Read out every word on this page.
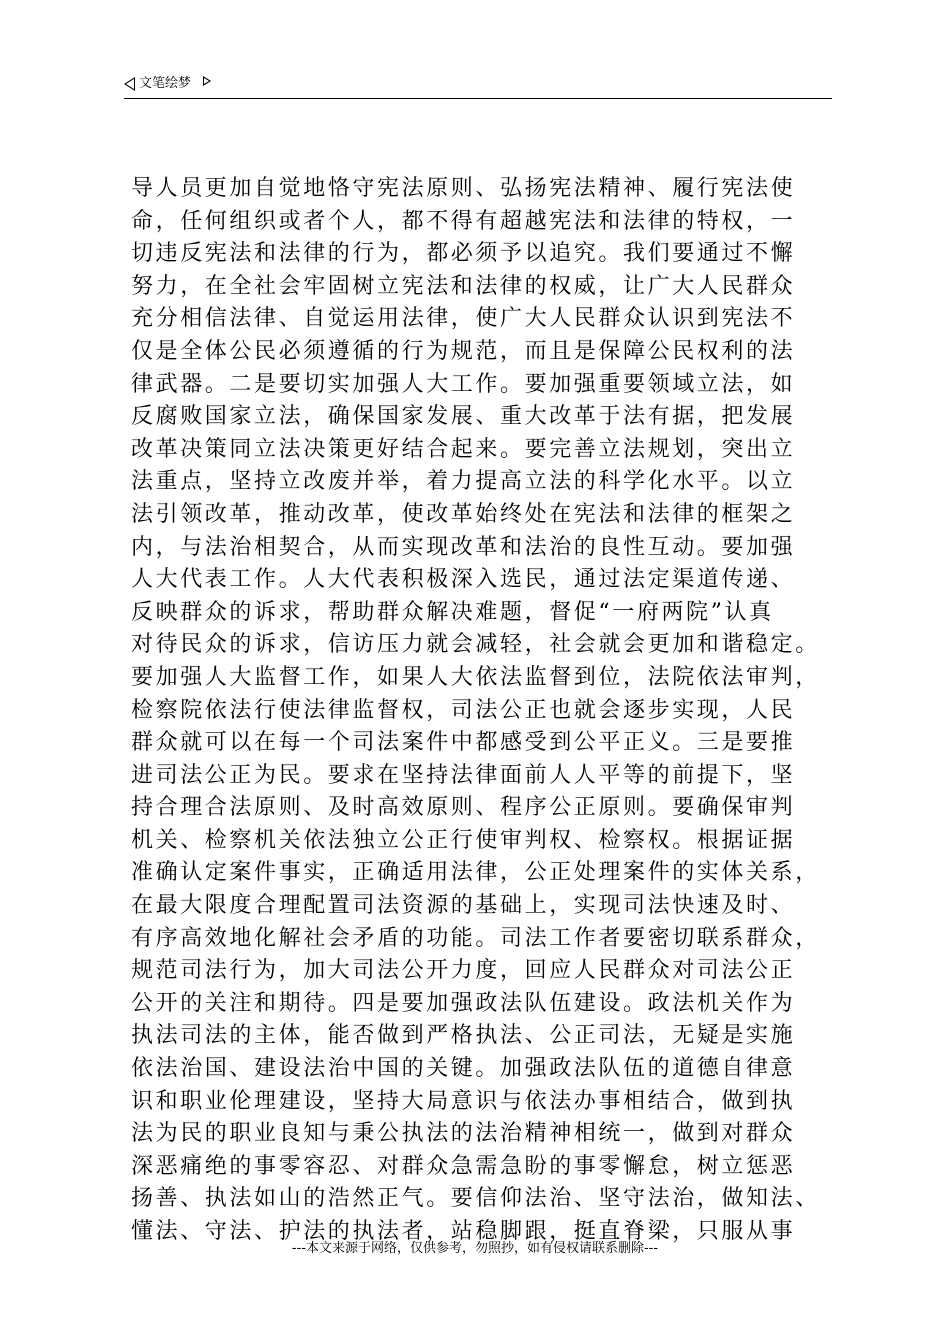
文笔绘梦
导人员更加自觉地恪守宪法原则、弘扬宪法精神、履行宪法使
命，任何组织或者个人，都不得有超越宪法和法律的特权，一
切违反宪法和法律的行为，都必须予以追究。我们要通过不懈
努力，在全社会牢固树立宪法和法律的权威，让广大人民群众
充分相信法律、自觉运用法律，使广大人民群众认识到宪法不
仅是全体公民必须遵循的行为规范，而且是保障公民权利的法
律武器。二是要切实加强人大工作。要加强重要领域立法，如
反腐败国家立法，确保国家发展、重大改革于法有据，把发展
改革决策同立法决策更好结合起来。要完善立法规划，突出立
法重点，坚持立改废并举，着力提高立法的科学化水平。以立
法引领改革，推动改革，使改革始终处在宪法和法律的框架之
内，与法治相契合，从而实现改革和法治的良性互动。要加强
人大代表工作。人大代表积极深入选民，通过法定渠道传递、
反映群众的诉求，帮助群众解决难题，督促“一府两院”认真
对待民众的诉求，信访压力就会减轻，社会就会更加和谐稳定。
要加强人大监督工作，如果人大依法监督到位，法院依法审判，
检察院依法行使法律监督权，司法公正也就会逐步实现，人民
群众就可以在每一个司法案件中都感受到公平正义。三是要推
进司法公正为民。要求在坚持法律面前人人平等的前提下，坚
持合理合法原则、及时高效原则、程序公正原则。要确保审判
机关、检察机关依法独立公正行使审判权、检察权。根据证据
准确认定案件事实，正确适用法律，公正处理案件的实体关系，
在最大限度合理配置司法资源的基础上，实现司法快速及时、
有序高效地化解社会矛盾的功能。司法工作者要密切联系群众，
规范司法行为，加大司法公开力度，回应人民群众对司法公正
公开的关注和期待。四是要加强政法队伍建设。政法机关作为
执法司法的主体，能否做到严格执法、公正司法，无疑是实施
依法治国、建设法治中国的关键。加强政法队伍的道德自律意
识和职业伦理建设，坚持大局意识与依法办事相结合，做到执
法为民的职业良知与秉公执法的法治精神相统一，做到对群众
深恶痛绝的事零容忍、对群众急需急盼的事零懈怠，树立惩恶
扬善、执法如山的浩然正气。要信仰法治、坚守法治，做知法、
懂法、守法、护法的执法者，站稳脚跟，挺直脊梁，只服从事
---本文来源于网络，仅供参考，勿照抄，如有侵权请联系删除---
